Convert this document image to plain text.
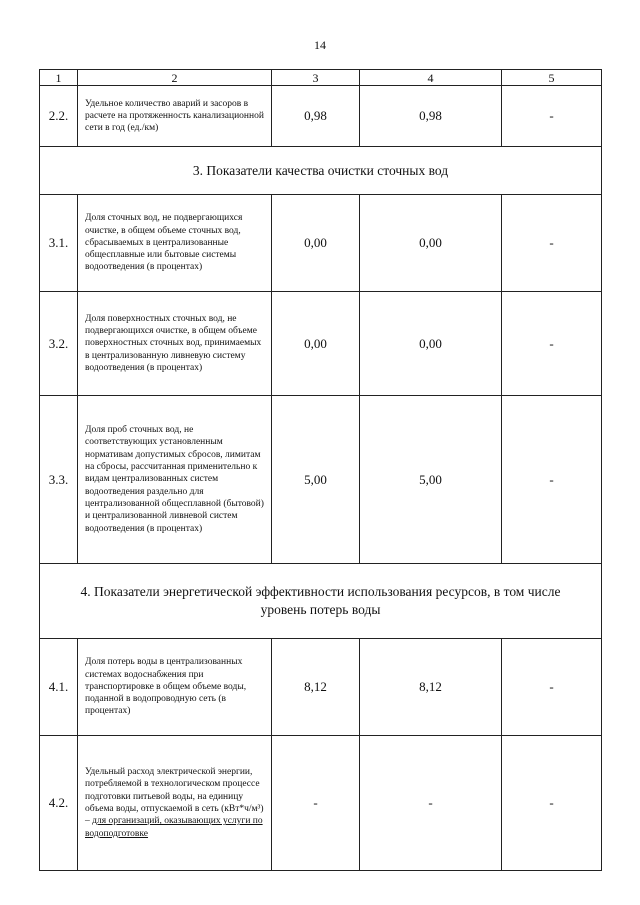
14
1	2	3	4	5
2.2.	Удельное количество аварий и засоров в расчете на протяженность канализационной сети в год (ед./км)	0,98	0,98	-
3. Показатели качества очистки сточных вод				
3.1.	Доля сточных вод, не подвергающихся очистке, в общем объеме сточных вод, сбрасываемых в централизованные общесплавные или бытовые системы водоотведения (в процентах)	0,00	0,00	-
3.2.	Доля поверхностных сточных вод, не подвергающихся очистке, в общем объеме поверхностных сточных вод, принимаемых в централизованную ливневую систему водоотведения (в процентах)	0,00	0,00	-
3.3.	Доля проб сточных вод, не соответствующих установленным нормативам допустимых сбросов, лимитам на сбросы, рассчитанная применительно к видам централизованных систем водоотведения раздельно для централизованной общесплавной (бытовой) и централизованной ливневой систем водоотведения (в процентах)	5,00	5,00	-
4. Показатели энергетической эффективности использования ресурсов, в том числе уровень потерь воды				
4.1.	Доля потерь воды в централизованных системах водоснабжения при транспортировке в общем объеме воды, поданной в водопроводную сеть (в процентах)	8,12	8,12	-
4.2.	Удельный расход электрической энергии, потребляемой в технологическом процессе подготовки питьевой воды, на единицу объема воды, отпускаемой в сеть (кВт*ч/м³) – для организаций, оказывающих услуги по водоподготовке	-	-	-
